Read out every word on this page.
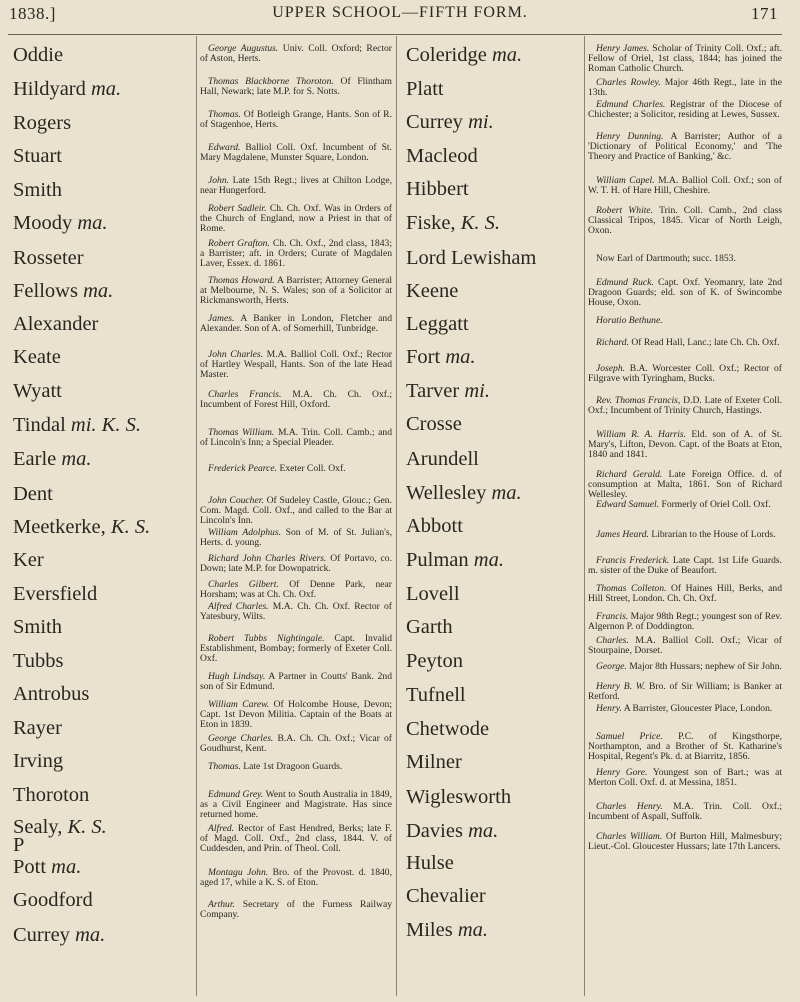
1838.]	UPPER SCHOOL—FIFTH FORM.	171
Oddie
Hildyard ma.
Rogers
Stuart
Smith
Moody ma.
Rosseter
Fellows ma.
Alexander
Keate
Wyatt
Tindal mi. K. S.
Earle ma.
Dent
Meetkerke, K. S.
Ker
Eversfield
Smith
Tubbs
Antrobus
Rayer
Irving
Thoroton
Sealy, K. S.
P
Pott ma.
Goodford
Currey ma.
George Augustus. Univ. Coll. Oxford; Rector of Aston, Herts.
Thomas Blackborne Thoroton. Of Flintham Hall, Newark; late M.P. for S. Notts.
Thomas. Of Botleigh Grange, Hants. Son of R. of Stagenhoe, Herts.
Edward. Balliol Coll. Oxf. Incumbent of St. Mary Magdalene, Munster Square, London.
John. Late 15th Regt.; lives at Chilton Lodge, near Hungerford.
Robert Sadleir. Ch. Ch. Oxf. Was in Orders of the Church of England, now a Priest in that of Rome.
Robert Grafton. Ch. Ch. Oxf., 2nd class, 1843; a Barrister; aft. in Orders; Curate of Magdalen Laver, Essex. d. 1861.
Thomas Howard. A Barrister; Attorney General at Melbourne, N. S. Wales; son of a Solicitor at Rickmansworth, Herts.
James. A Banker in London, Fletcher and Alexander. Son of A. of Somerhill, Tunbridge.
John Charles. M.A. Balliol Coll. Oxf.; Rector of Hartley Wespall, Hants. Son of the late Head Master.
Charles Francis. M.A. Ch. Ch. Oxf.; Incumbent of Forest Hill, Oxford.
Thomas William. M.A. Trin. Coll. Camb.; and of Lincoln's Inn; a Special Pleader.
Frederick Pearce. Exeter Coll. Oxf.
John Coucher. Of Sudeley Castle, Glouc.; Gen. Com. Magd. Coll. Oxf., and called to the Bar at Lincoln's Inn.
William Adolphus. Son of M. of St. Julian's, Herts. d. young.
Richard John Charles Rivers. Of Portavo, co. Down; late M.P. for Downpatrick.
Charles Gilbert. Of Denne Park, near Horsham; was at Ch. Ch. Oxf.
Alfred Charles. M.A. Ch. Ch. Oxf. Rector of Yatesbury, Wilts.
Robert Tubbs Nightingale. Capt. Invalid Establishment, Bombay; formerly of Exeter Coll. Oxf.
Hugh Lindsay. A Partner in Coutts' Bank. 2nd son of Sir Edmund.
William Carew. Of Holcombe House, Devon; Capt. 1st Devon Militia. Captain of the Boats at Eton in 1839.
George Charles. B.A. Ch. Ch. Oxf.; Vicar of Goudhurst, Kent.
Thomas. Late 1st Dragoon Guards.
Edmund Grey. Went to South Australia in 1849, as a Civil Engineer and Magistrate. Has since returned home.
Alfred. Rector of East Hendred, Berks; late F. of Magd. Coll. Oxf., 2nd class, 1844. V. of Cuddesden, and Prin. of Theol. Coll.
Montagu John. Bro. of the Provost. d. 1840, aged 17, while a K. S. of Eton.
Arthur. Secretary of the Furness Railway Company.
Coleridge ma.
Platt
Currey mi.
Macleod
Hibbert
Fiske, K. S.
Lord Lewisham
Keene
Leggatt
Fort ma.
Tarver mi.
Crosse
Arundell
Wellesley ma.
Abbott
Pulman ma.
Lovell
Garth
Peyton
Tufnell
Chetwode
Milner
Wiglesworth
Davies ma.
Hulse
Chevalier
Miles ma.
Henry James. Scholar of Trinity Coll. Oxf.; aft. Fellow of Oriel, 1st class, 1844; has joined the Roman Catholic Church.
Charles Rowley. Major 46th Regt., late in the 13th.
Edmund Charles. Registrar of the Diocese of Chichester; a Solicitor, residing at Lewes, Sussex.
Henry Dunning. A Barrister; Author of a 'Dictionary of Political Economy,' and 'The Theory and Practice of Banking,' &c.
William Capel. M.A. Balliol Coll. Oxf.; son of W. T. H. of Hare Hill, Cheshire.
Robert White. Trin. Coll. Camb., 2nd class Classical Tripos, 1845. Vicar of North Leigh, Oxon.
Now Earl of Dartmouth; succ. 1853.
Edmund Ruck. Capt. Oxf. Yeomanry, late 2nd Dragoon Guards; eld. son of K. of Swincombe House, Oxon.
Horatio Bethune.
Richard. Of Read Hall, Lanc.; late Ch. Ch. Oxf.
Joseph. B.A. Worcester Coll. Oxf.; Rector of Filgrave with Tyringham, Bucks.
Rev. Thomas Francis, D.D. Late of Exeter Coll. Oxf.; Incumbent of Trinity Church, Hastings.
William R. A. Harris. Eld. son of A. of St. Mary's, Lifton, Devon. Capt. of the Boats at Eton, 1840 and 1841.
Richard Gerald. Late Foreign Office. d. of consumption at Malta, 1861. Son of Richard Wellesley.
Edward Samuel. Formerly of Oriel Coll. Oxf.
James Heard. Librarian to the House of Lords.
Francis Frederick. Late Capt. 1st Life Guards. m. sister of the Duke of Beaufort.
Thomas Colleton. Of Haines Hill, Berks, and Hill Street, London. Ch. Ch. Oxf.
Francis. Major 98th Regt.; youngest son of Rev. Algernon P. of Doddington.
Charles. M.A. Balliol Coll. Oxf.; Vicar of Stourpaine, Dorset.
George. Major 8th Hussars; nephew of Sir John.
Henry B. W. Bro. of Sir William; is Banker at Retford.
Henry. A Barrister, Gloucester Place, London.
Samuel Price. P.C. of Kingsthorpe, Northampton, and a Brother of St. Katharine's Hospital, Regent's Pk. d. at Biarritz, 1856.
Henry Gore. Youngest son of Bart.; was at Merton Coll. Oxf. d. at Messina, 1851.
Charles Henry. M.A. Trin. Coll. Oxf.; Incumbent of Aspall, Suffolk.
Charles William. Of Burton Hill, Malmesbury; Lieut.-Col. Gloucester Hussars; late 17th Lancers.
